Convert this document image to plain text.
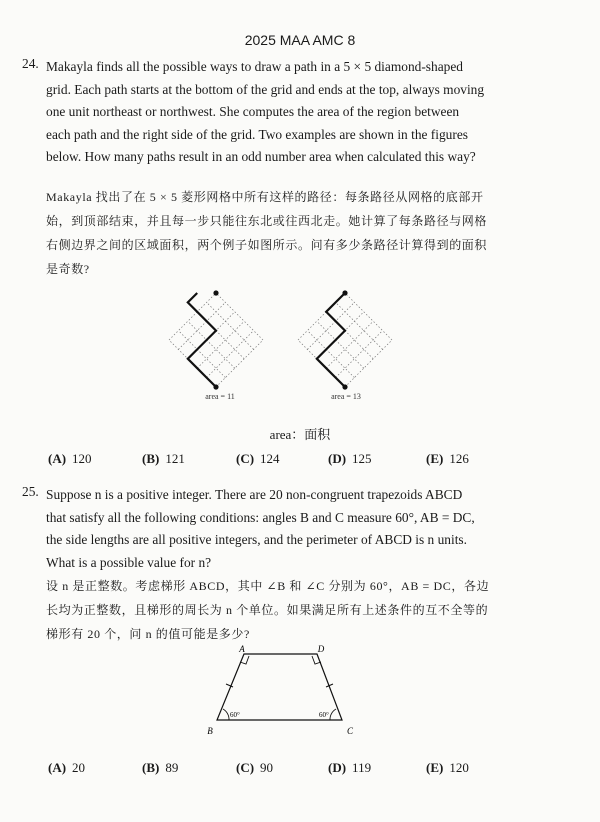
2025 MAA AMC 8
24. Makayla finds all the possible ways to draw a path in a 5 × 5 diamond-shaped
grid. Each path starts at the bottom of the grid and ends at the top, always moving
one unit northeast or northwest. She computes the area of the region between
each path and the right side of the grid. Two examples are shown in the figures
below. How many paths result in an odd number area when calculated this way?
Makayla 找出了在 5 × 5 菱形网格中所有这样的路径：每条路径从网格的底部开
始，到顶部结束，并且每一步只能往东北或往西北走。她计算了每条路径与网格
右侧边界之间的区域面积，两个例子如图所示。问有多少条路径计算得到的面积
是奇数?
area = 11	area = 13
area：面积
(A) 120	(B) 121	(C) 124	(D) 125	(E) 126
25. Suppose n is a positive integer. There are 20 non-congruent trapezoids ABCD
that satisfy all the following conditions: angles B and C measure 60°, AB = DC,
the side lengths are all positive integers, and the perimeter of ABCD is n units.
What is a possible value for n?
设 n 是正整数。考虑梯形 ABCD，其中 ∠B 和 ∠C 分别为 60°，AB = DC，各边
长均为正整数，且梯形的周长为 n 个单位。如果满足所有上述条件的互不全等的
梯形有 20 个，问 n 的值可能是多少?
60°	60°
A	D
B	C
(A) 20	(B) 89	(C) 90	(D) 119	(E) 120
